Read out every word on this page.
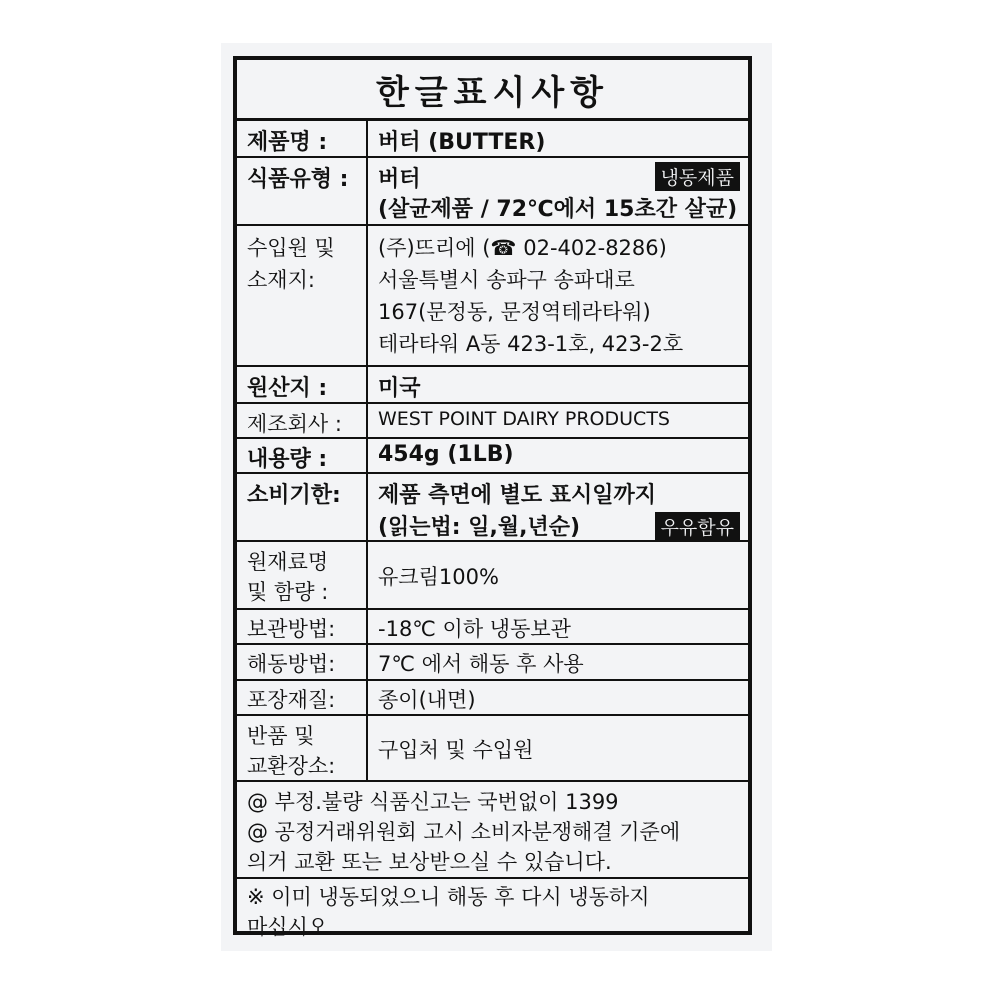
한글표시사항
제품명 : 버터 (BUTTER)
식품유형 : 버터	냉동제품
(살균제품 / 72℃에서 15초간 살균)
수입원 및
소재지:
(주)뜨리에 (☎ 02-402-8286)
서울특별시 송파구 송파대로
167(문정동, 문정역테라타워)
테라타워 A동 423-1호, 423-2호
원산지 : 미국
제조회사 : WEST POINT DAIRY PRODUCTS
내용량 : 454g (1LB)
소비기한: 제품 측면에 별도 표시일까지
(읽는법: 일,월,년순)	우유함유
원재료명
및 함량 :
유크림100%
보관방법: -18℃ 이하 냉동보관
해동방법: 7℃ 에서 해동 후 사용
포장재질: 종이(내면)
반품 및
교환장소:
구입처 및 수입원
@ 부정.불량 식품신고는 국번없이 1399
@ 공정거래위원회 고시 소비자분쟁해결 기준에
의거 교환 또는 보상받으실 수 있습니다.
※ 이미 냉동되었으니 해동 후 다시 냉동하지
마십시오.
